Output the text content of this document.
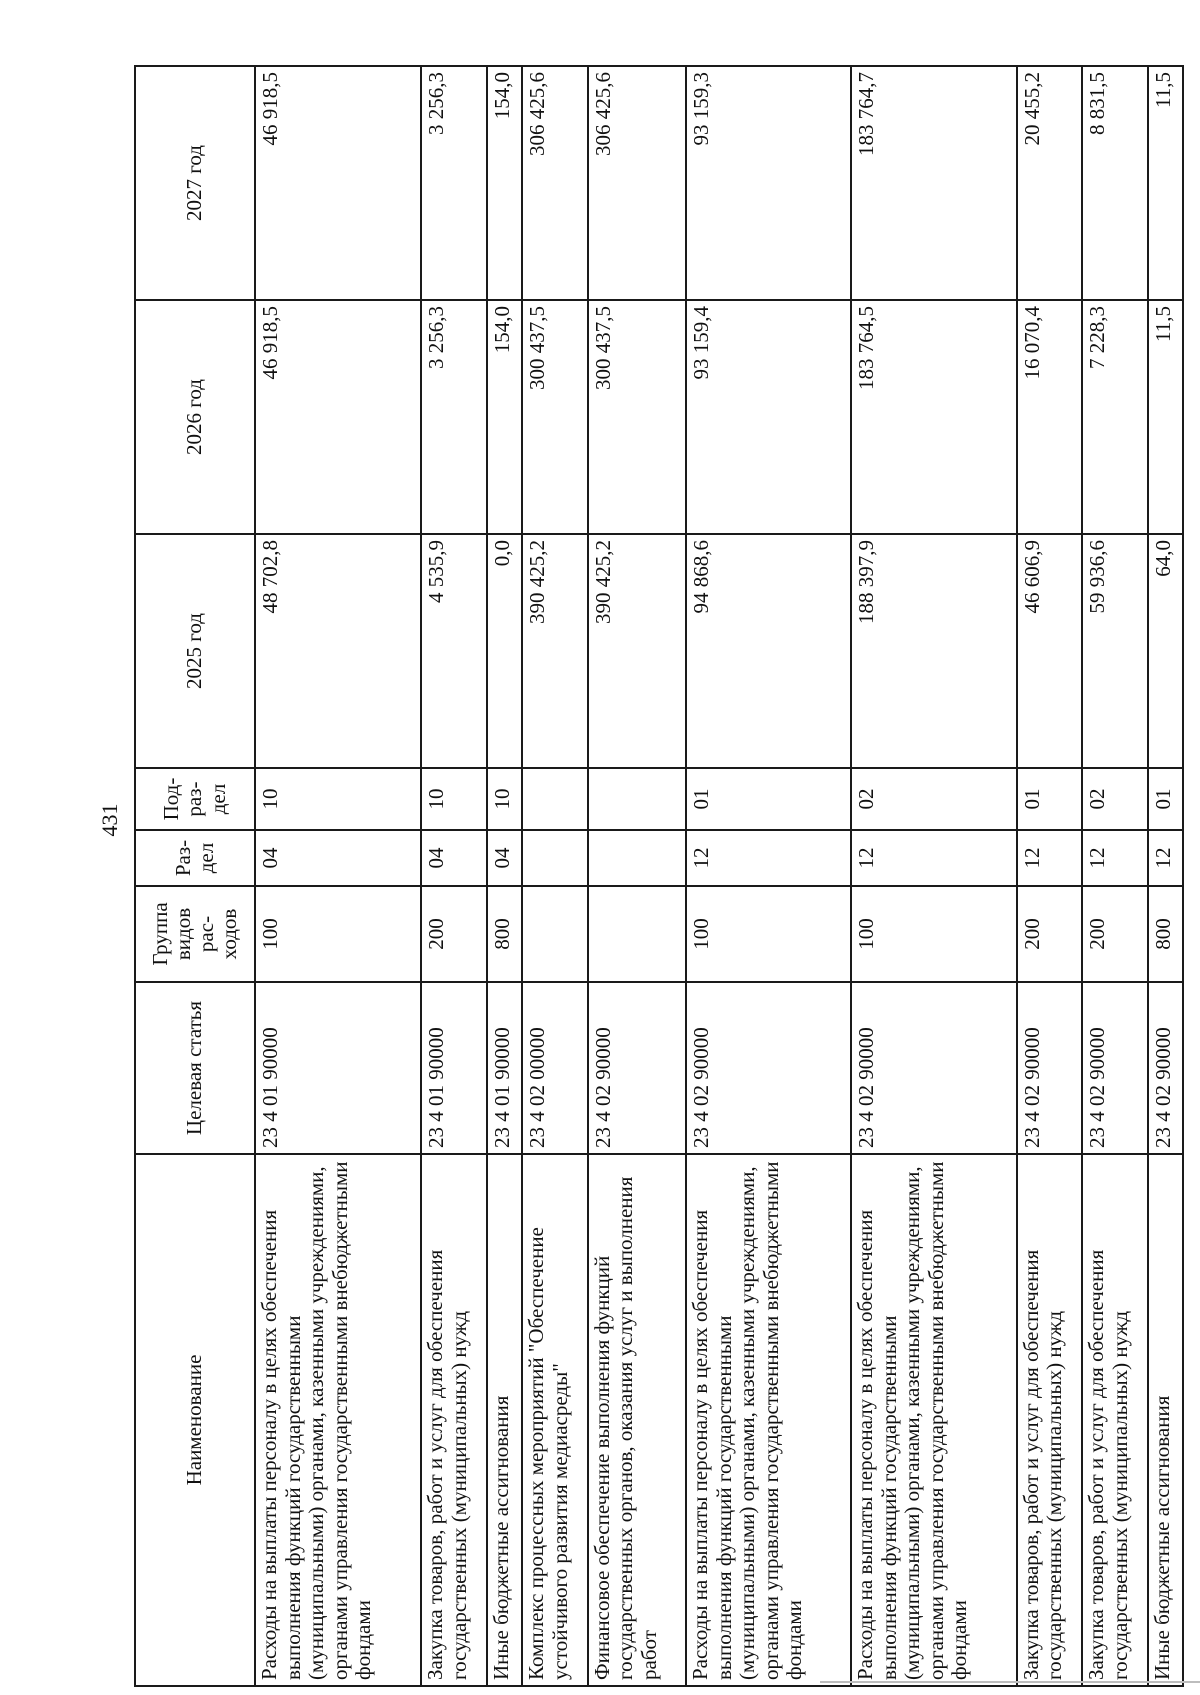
431
Наименование	Целевая статья	Группа видов рас-ходов	Раз-дел	Под-раз-дел	2025 год	2026 год	2027 год
Расходы на выплаты персоналу в целях обеспечения выполнения функций государственными (муниципальными) органами, казенными учреждениями, органами управления государственными внебюджетными фондами	23 4 01 90000	100	04	10	48 702,8	46 918,5	46 918,5
Закупка товаров, работ и услуг для обеспечения государственных (муниципальных) нужд	23 4 01 90000	200	04	10	4 535,9	3 256,3	3 256,3
Иные бюджетные ассигнования	23 4 01 90000	800	04	10	0,0	154,0	154,0
Комплекс процессных мероприятий "Обеспечение устойчивого развития медиасреды"	23 4 02 00000				390 425,2	300 437,5	306 425,6
Финансовое обеспечение выполнения функций государственных органов, оказания услуг и выполнения работ	23 4 02 90000				390 425,2	300 437,5	306 425,6
Расходы на выплаты персоналу в целях обеспечения выполнения функций государственными (муниципальными) органами, казенными учреждениями, органами управления государственными внебюджетными фондами	23 4 02 90000	100	12	01	94 868,6	93 159,4	93 159,3
Расходы на выплаты персоналу в целях обеспечения выполнения функций государственными (муниципальными) органами, казенными учреждениями, органами управления государственными внебюджетными фондами	23 4 02 90000	100	12	02	188 397,9	183 764,5	183 764,7
Закупка товаров, работ и услуг для обеспечения государственных (муниципальных) нужд	23 4 02 90000	200	12	01	46 606,9	16 070,4	20 455,2
Закупка товаров, работ и услуг для обеспечения государственных (муниципальных) нужд	23 4 02 90000	200	12	02	59 936,6	7 228,3	8 831,5
Иные бюджетные ассигнования	23 4 02 90000	800	12	01	64,0	11,5	11,5
